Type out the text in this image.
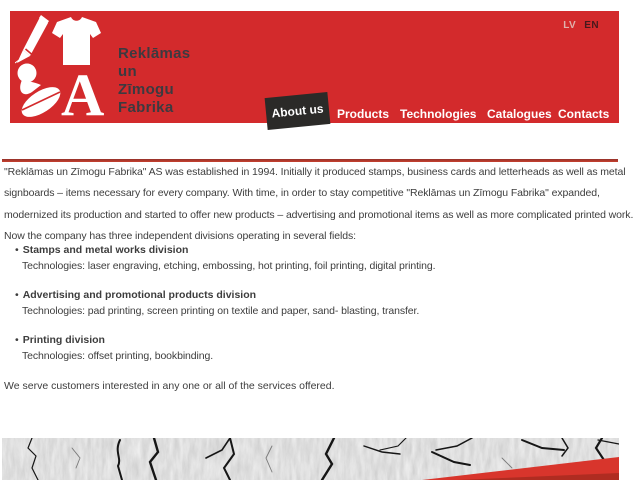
A
Reklāmas
un
Zīmogu
Fabrika
LV EN
About us	Products Technologies Catalogues Contacts

"Reklāmas un Zīmogu Fabrika" AS was established in 1994. Initially it produced stamps, business cards and letterheads as well as metal
signboards – items necessary for every company. With time, in order to stay competitive "Reklāmas un Zīmogu Fabrika" expanded,
modernized its production and started to offer new products – advertising and promotional items as well as more complicated printed work.
Now the company has three independent divisions operating in several fields:

• Stamps and metal works division
Technologies: laser engraving, etching, embossing, hot printing, foil printing, digital printing.
• Advertising and promotional products division
Technologies: pad printing, screen printing on textile and paper, sand- blasting, transfer.
• Printing division
Technologies: offset printing, bookbinding.

We serve customers interested in any one or all of the services offered.
